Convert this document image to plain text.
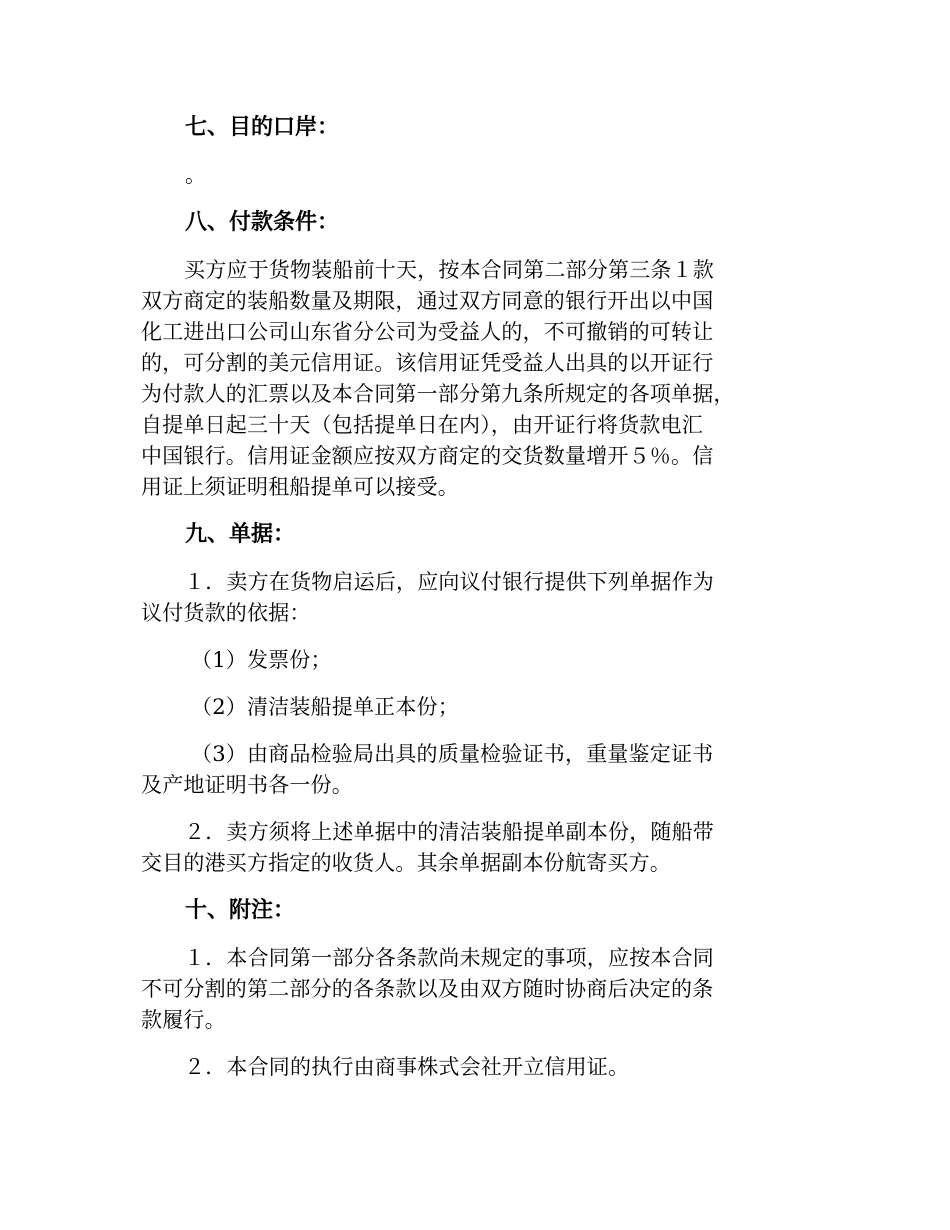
七、目的口岸：
。
八、付款条件：
买方应于货物装船前十天，按本合同第二部分第三条１款
双方商定的装船数量及期限，通过双方同意的银行开出以中国
化工进出口公司山东省分公司为受益人的，不可撤销的可转让
的，可分割的美元信用证。该信用证凭受益人出具的以开证行
为付款人的汇票以及本合同第一部分第九条所规定的各项单据，
自提单日起三十天（包括提单日在内），由开证行将货款电汇
中国银行。信用证金额应按双方商定的交货数量增开５％。信
用证上须证明租船提单可以接受。
九、单据：
１．卖方在货物启运后，应向议付银行提供下列单据作为
议付货款的依据：
（1）发票份；
（2）清洁装船提单正本份；
（3）由商品检验局出具的质量检验证书，重量鉴定证书
及产地证明书各一份。
２．卖方须将上述单据中的清洁装船提单副本份，随船带
交目的港买方指定的收货人。其余单据副本份航寄买方。
十、附注：
１．本合同第一部分各条款尚未规定的事项，应按本合同
不可分割的第二部分的各条款以及由双方随时协商后决定的条
款履行。
２．本合同的执行由商事株式会社开立信用证。
